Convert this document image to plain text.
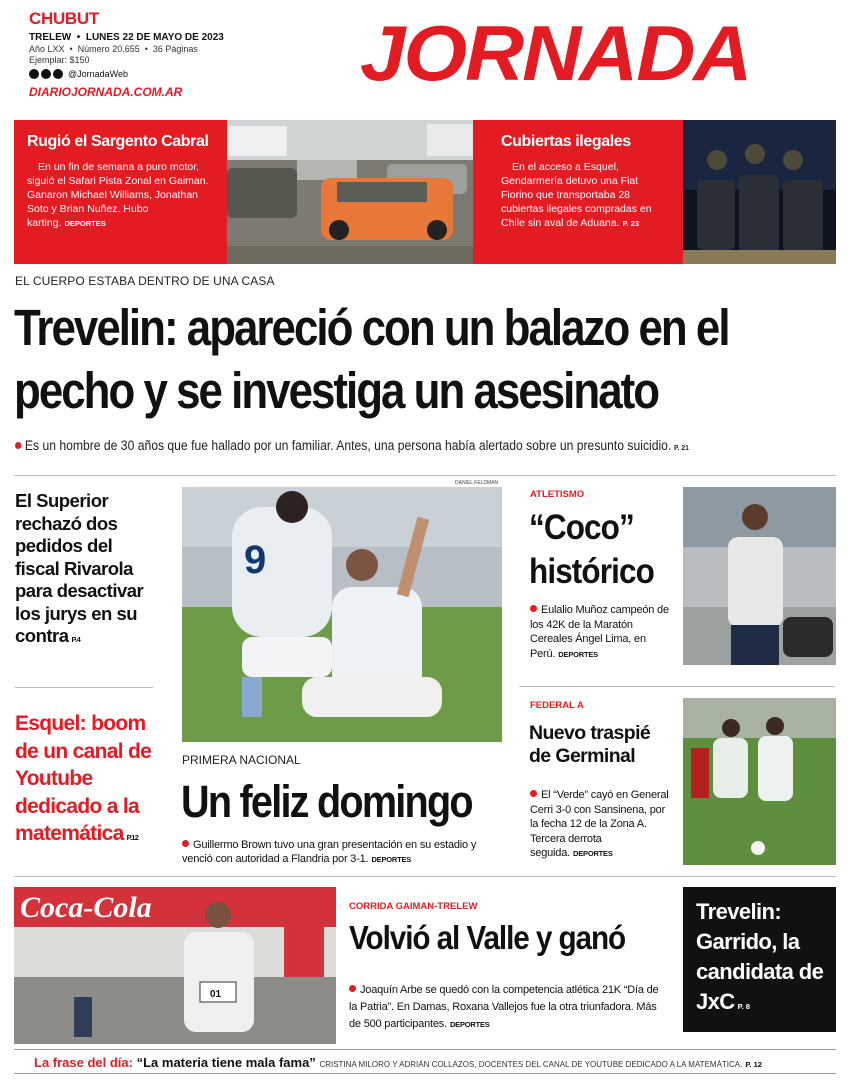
CHUBUT
TRELEW  •  LUNES 22 DE MAYO DE 2023
Año LXX  •  Número 20.655  •  36 Páginas
Ejemplar: $150
@JornadaWeb
DIARIOJORNADA.COM.AR JORNADA
Rugió el Sargento Cabral
En un fin de semana a puro motor, siguió el Safari Pista Zonal en Gaiman. Ganaron Michael Williams, Jonathan Soto y Brian Nuñez. Hubo karting. DEPORTES
Cubiertas ilegales
En el acceso a Esquel, Gendarmería detuvo una Fiat Fiorino que transportaba 28 cubiertas ilegales compradas en Chile sin aval de Aduana. P. 23
EL CUERPO ESTABA DENTRO DE UNA CASA
Trevelin: apareció con un balazo en el pecho y se investiga un asesinato
Es un hombre de 30 años que fue hallado por un familiar. Antes, una persona había alertado sobre un presunto suicidio. P. 21
El Superior rechazó dos pedidos del fiscal Rivarola para desactivar los jurys en su contra P.4
Esquel: boom de un canal de Youtube dedicado a la matemática P.12
DANIEL FELDMAN
9
PRIMERA NACIONAL
Un feliz domingo
Guillermo Brown tuvo una gran presentación en su estadio y venció con autoridad a Flandria por 3-1. DEPORTES
ATLETISMO
“Coco” histórico
Eulalio Muñoz campeón de los 42K de la Maratón Cereales Ángel Lima, en Perú. DEPORTES
FEDERAL A
Nuevo traspié de Germinal
El “Verde” cayó en General Cerri 3-0 con Sansinena, por la fecha 12 de la Zona A. Tercera derrota seguida. DEPORTES
Coca-Cola
01
CORRIDA GAIMAN-TRELEW
Volvió al Valle y ganó
Joaquín Arbe se quedó con la competencia atlética 21K “Día de la Patria”. En Damas, Roxana Vallejos fue la otra triunfadora. Más de 500 participantes. DEPORTES
Trevelin: Garrido, la candidata de JxC P. 8
La frase del día: “La materia tiene mala fama” CRISTINA MILORO Y ADRIÁN COLLAZOS, DOCENTES DEL CANAL DE YOUTUBE DEDICADO A LA MATEMÁTICA. P. 12
